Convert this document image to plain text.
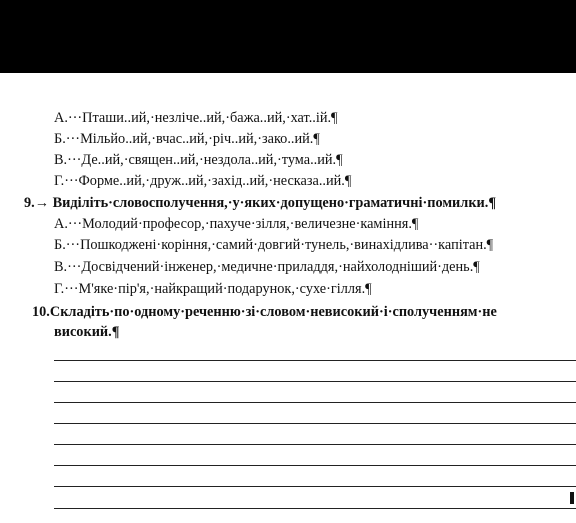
А.···Пташи..ий,·незліче..ий,·бажа..ий,·хат..ій.¶
Б.···Мільйо..ий,·вчас..ий,·річ..ий,·зако..ий.¶
В.···Де..ий,·священ..ий,·нездола..ий,·тума..ий.¶
Г.···Форме..ий,·друж..ий,·захід..ий,·несказа..ий.¶
9.→ Виділіть·словосполучення,·у·яких·допущено·граматичні·помилки.¶
А.···Молодий·професор,·пахуче·зілля,·величезне·каміння.¶
Б.···Пошкоджені·коріння,·самий·довгий·тунель,·винахідлива··капітан.¶
В.···Досвідчений·інженер,·медичне·приладдя,·найхолодніший·день.¶
Г.···М'яке·пір'я,·найкращий·подарунок,·сухе·гілля.¶
10.Складіть·по·одному·реченню·зі·словом·невисокий·і·сполученням·не
високий.¶
